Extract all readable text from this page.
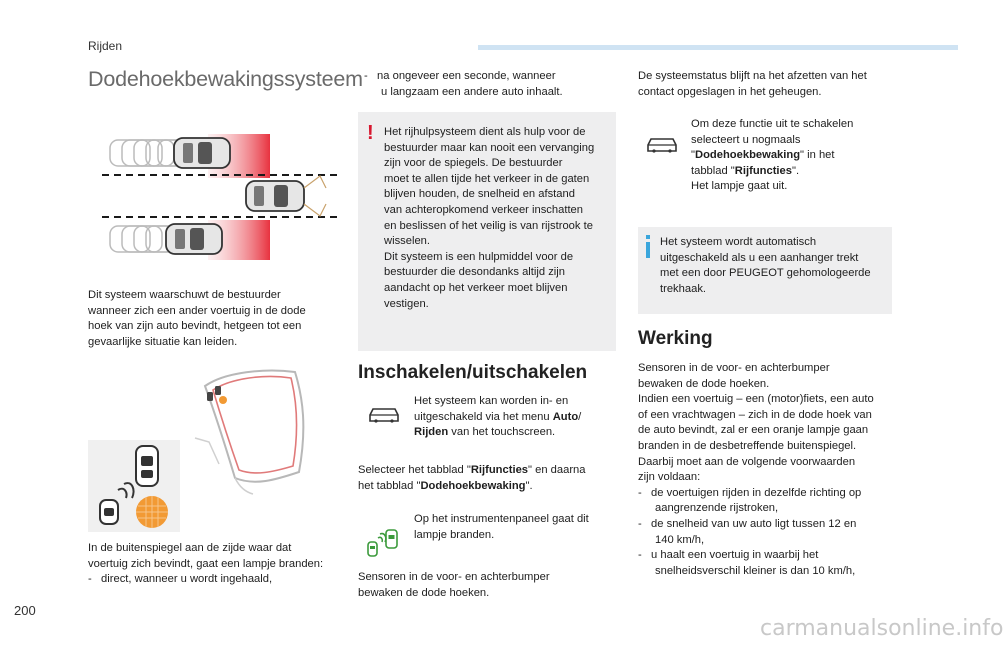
Rijden
Dodehoekbewakingssysteem
Dit systeem waarschuwt de bestuurder
wanneer zich een ander voertuig in de dode
hoek van zijn auto bevindt, hetgeen tot een
gevaarlijke situatie kan leiden.
In de buitenspiegel aan de zijde waar dat
voertuig zich bevindt, gaat een lampje branden:
-   direct, wanneer u wordt ingehaald,
-   na ongeveer een seconde, wanneer
u langzaam een andere auto inhaalt.
! Het rijhulpsysteem dient als hulp voor de
bestuurder maar kan nooit een vervanging
zijn voor de spiegels. De bestuurder
moet te allen tijde het verkeer in de gaten
blijven houden, de snelheid en afstand
van achteropkomend verkeer inschatten
en beslissen of het veilig is van rijstrook te
wisselen.
Dit systeem is een hulpmiddel voor de
bestuurder die desondanks altijd zijn
aandacht op het verkeer moet blijven
vestigen.
Inschakelen/uitschakelen
Het systeem kan worden in- en
uitgeschakeld via het menu Auto/
Rijden van het touchscreen.
Selecteer het tabblad "Rijfuncties" en daarna
het tabblad "Dodehoekbewaking".
Op het instrumentenpaneel gaat dit
lampje branden.
Sensoren in de voor- en achterbumper
bewaken de dode hoeken.
De systeemstatus blijft na het afzetten van het
contact opgeslagen in het geheugen.
Om deze functie uit te schakelen
selecteert u nogmaals
"Dodehoekbewaking" in het
tabblad "Rijfuncties".
Het lampje gaat uit.
Het systeem wordt automatisch
uitgeschakeld als u een aanhanger trekt
met een door PEUGEOT gehomologeerde
trekhaak.
Werking
Sensoren in de voor- en achterbumper
bewaken de dode hoeken.
Indien een voertuig – een (motor)fiets, een auto
of een vrachtwagen – zich in de dode hoek van
de auto bevindt, zal er een oranje lampje gaan
branden in de desbetreffende buitenspiegel.
Daarbij moet aan de volgende voorwaarden
zijn voldaan:
-   de voertuigen rijden in dezelfde richting op
aangrenzende rijstroken,
-   de snelheid van uw auto ligt tussen 12 en
140 km/h,
-   u haalt een voertuig in waarbij het
snelheidsverschil kleiner is dan 10 km/h,
200
carmanualsonline.info
